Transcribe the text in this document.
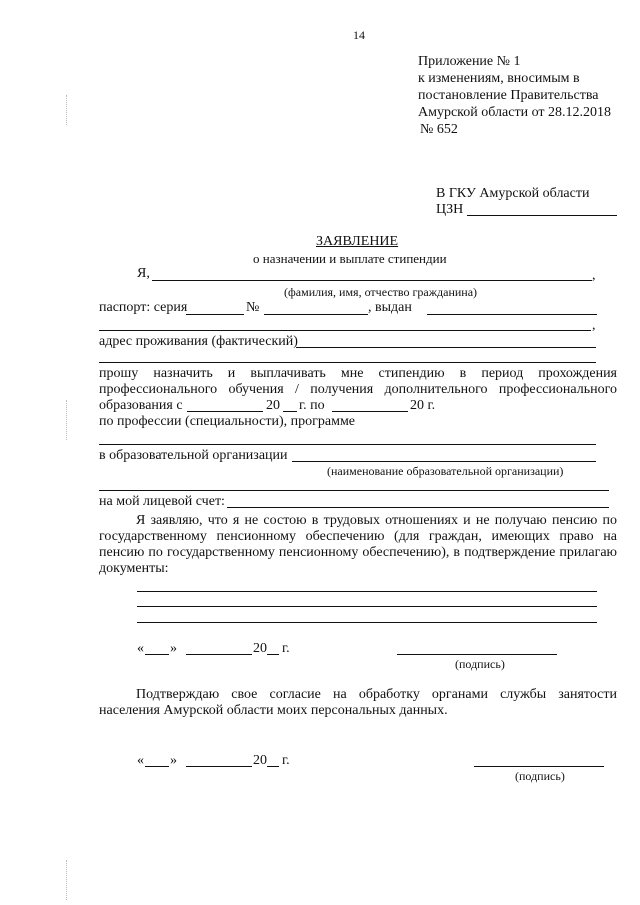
14
Приложение № 1
к изменениям, вносимым в
постановление Правительства
Амурской области от 28.12.2018
№ 652
В ГКУ Амурской области
ЦЗН
ЗАЯВЛЕНИЕ
о назначении и выплате стипендии
Я,	,
(фамилия, имя, отчество гражданина)
паспорт: серия	№	, выдан
,
адрес проживания (фактический)
прошу назначить и выплачивать мне стипендию в период прохождения
профессионального обучения / получения дополнительного профессионального
образования с	20 г. по	20 г.
по профессии (специальности), программе
в образовательной организации
(наименование образовательной организации)
на мой лицевой счет:
Я заявляю, что я не состою в трудовых отношениях и не получаю пенсию по
государственному пенсионному обеспечению (для граждан, имеющих право на
пенсию по государственному пенсионному обеспечению), в подтверждение прилагаю
документы:
« »	20 г.
(подпись)
Подтверждаю свое согласие на обработку органами службы занятости
населения Амурской области моих персональных данных.
« »	20 г.
(подпись)
